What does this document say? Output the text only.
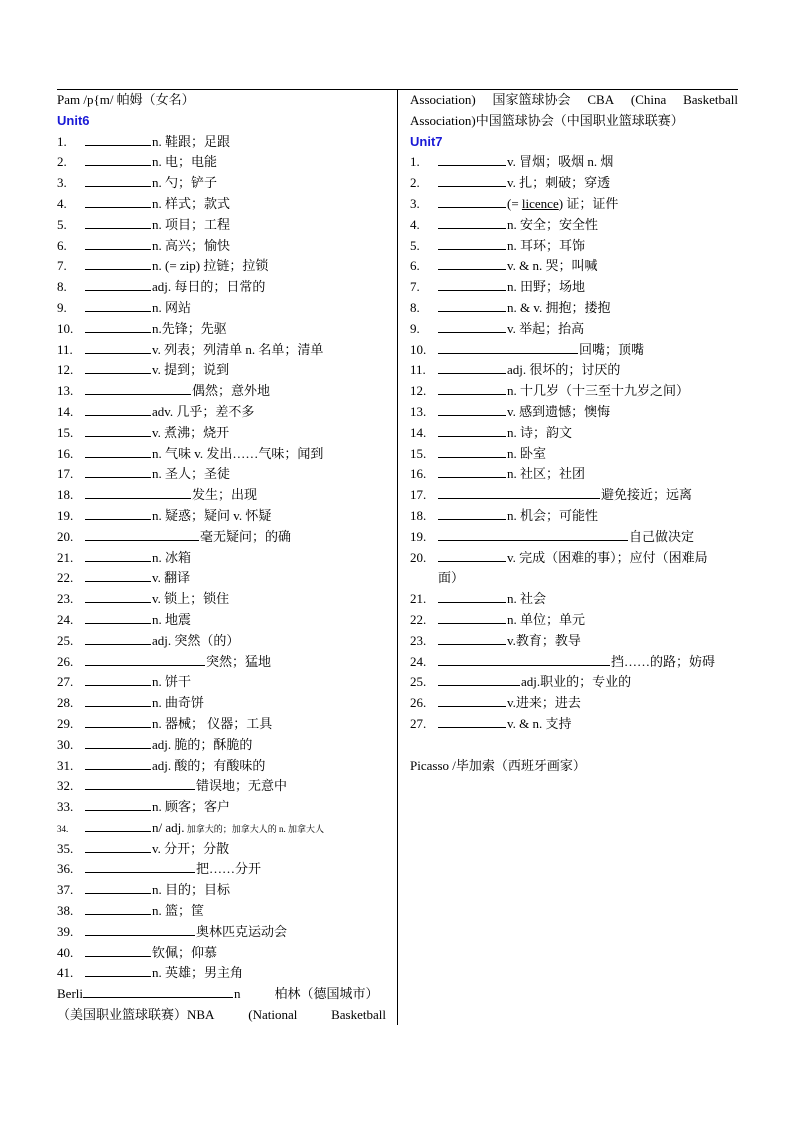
Pam /p{m/ 帕姆（女名）
Unit6
1.	n. 鞋跟；足跟
2.	n. 电；电能
3.	n. 勺；铲子
4.	n. 样式；款式
5.	n. 项目；工程
6.	n. 高兴；愉快
7.	n. (= zip) 拉链；拉锁
8.	adj. 每日的；日常的
9.	n. 网站
10.	n.先锋；先驱
11.	v. 列表；列清单 n. 名单；清单
12.	v. 提到；说到
13.	偶然；意外地
14.	adv. 几乎；差不多
15.	v. 煮沸；烧开
16.	n. 气味 v. 发出……气味；闻到
17.	n. 圣人；圣徒
18.	发生；出现
19.	n. 疑惑；疑问 v. 怀疑
20.	毫无疑问；的确
21.	n. 冰箱
22.	v. 翻译
23.	v. 锁上；锁住
24.	n. 地震
25.	adj. 突然（的）
26.	突然；猛地
27.	n. 饼干
28.	n. 曲奇饼
29.	n. 器械； 仪器；工具
30.	adj. 脆的；酥脆的
31.	adj. 酸的；有酸味的
32.	错误地；无意中
33.	n. 顾客；客户
34.	n/ adj. 加拿大的；加拿大人的 n. 加拿大人
35.	v. 分开；分散
36.	把……分开
37.	n. 目的；目标
38.	n. 篮；筐
39.	奥林匹克运动会
40.	钦佩；仰慕
41.	n. 英雄；男主角
Berli	n	柏林（德国城市）
（美国职业篮球联赛）NBA	(National	Basketball
Association) 国家篮球协会 CBA (China Basketball
Association)中国篮球协会（中国职业篮球联赛）
Unit7
1.	v. 冒烟；吸烟 n. 烟
2.	v. 扎；刺破；穿透
3.	(= licence) 证；证件
4.	n. 安全；安全性
5.	n. 耳环；耳饰
6.	v. & n. 哭；叫喊
7.	n. 田野；场地
8.	n. & v. 拥抱；搂抱
9.	v. 举起；抬高
10.	回嘴；顶嘴
11.	adj. 很坏的；讨厌的
12.	n. 十几岁（十三至十九岁之间）
13.	v. 感到遗憾；懊悔
14.	n. 诗；韵文
15.	n. 卧室
16.	n. 社区；社团
17.	避免接近；远离
18.	n. 机会；可能性
19.	自己做决定
20.	v. 完成（困难的事）；应付（困难局
面）
21.	n. 社会
22.	n. 单位；单元
23.	v.教育；教导
24.	挡……的路；妨碍
25.	adj.职业的；专业的
26.	v.进来；进去
27.	v. & n. 支持
Picasso /毕加索（西班牙画家）
